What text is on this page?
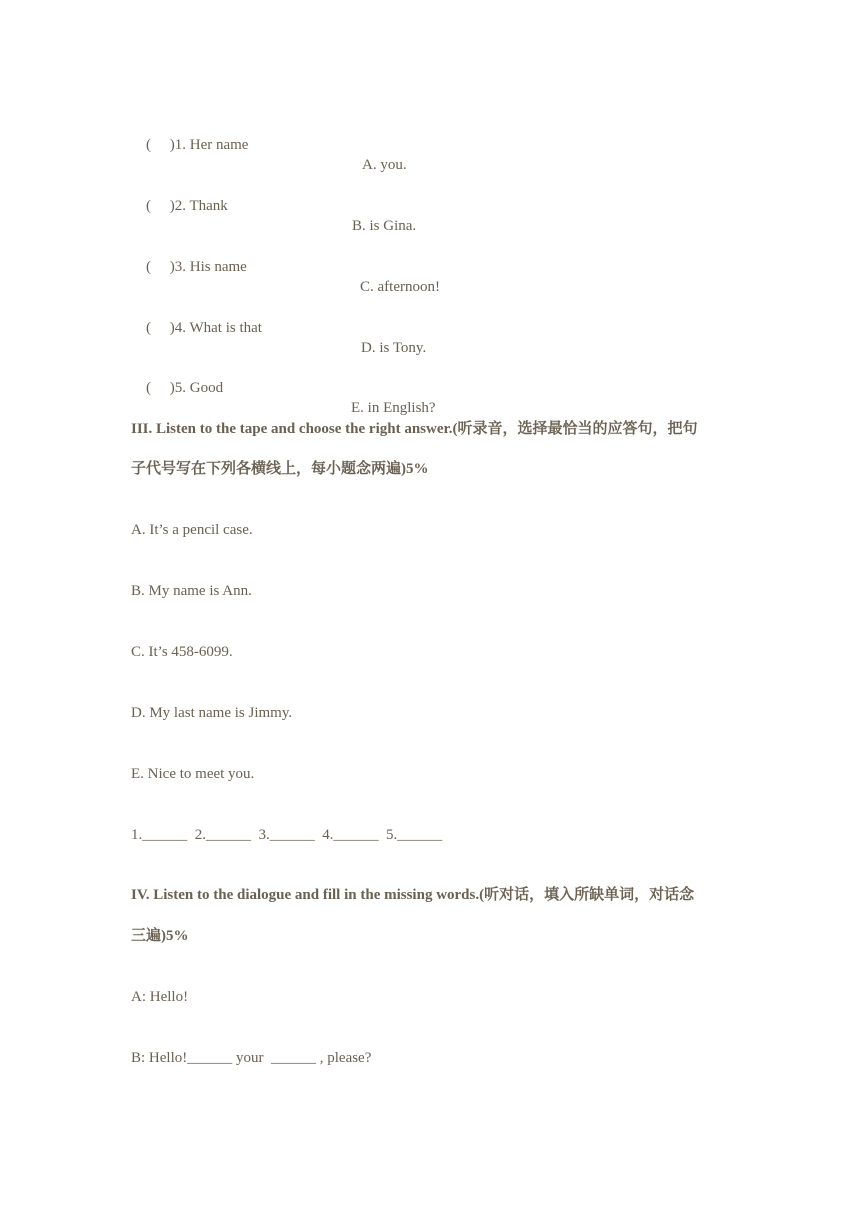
(     )1. Her name

A. you.

(     )2. Thank

B. is Gina.

(     )3. His name

C. afternoon!

(     )4. What is that

D. is Tony.

(     )5. Good

E. in English?

III. Listen to the tape and choose the right answer.(听录音，选择最恰当的应答句，把句
子代号写在下列各横线上，每小题念两遍)5%
A. It’s a pencil case.
B. My name is Ann.
C. It’s 458-6099.
D. My last name is Jimmy.
E. Nice to meet you.
1.______  2.______  3.______  4.______  5.______
IV. Listen to the dialogue and fill in the missing words.(听对话，填入所缺单词，对话念
三遍)5%
A: Hello!
B: Hello!______ your  ______ , please?
